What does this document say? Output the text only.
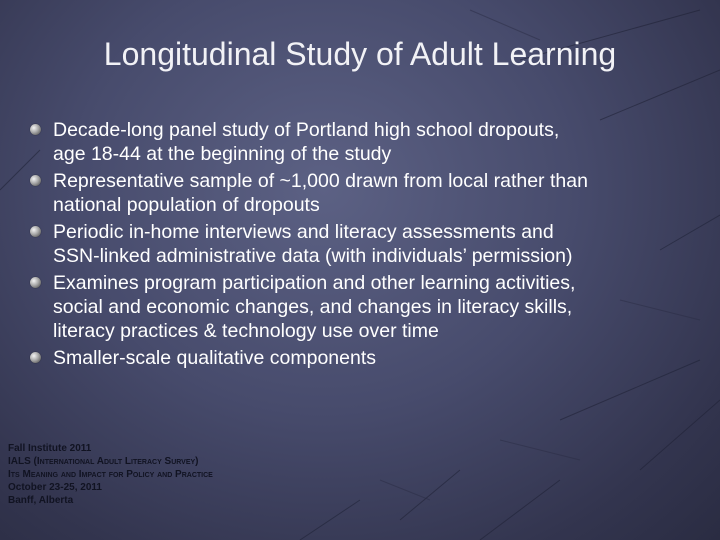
Longitudinal Study of Adult Learning
Decade-long panel study of Portland high school dropouts,
age 18-44 at the beginning of the study
Representative sample of ~1,000 drawn from local rather than
national population of dropouts
Periodic in-home interviews and literacy assessments and
SSN-linked administrative data (with individuals’ permission)
Examines program participation and other learning activities,
social and economic changes, and changes in literacy skills,
literacy practices & technology use over time
Smaller-scale qualitative components
Fall Institute 2011
IALS (International Adult Literacy Survey)
Its Meaning and Impact for Policy and Practice
October 23-25, 2011
Banff, Alberta
